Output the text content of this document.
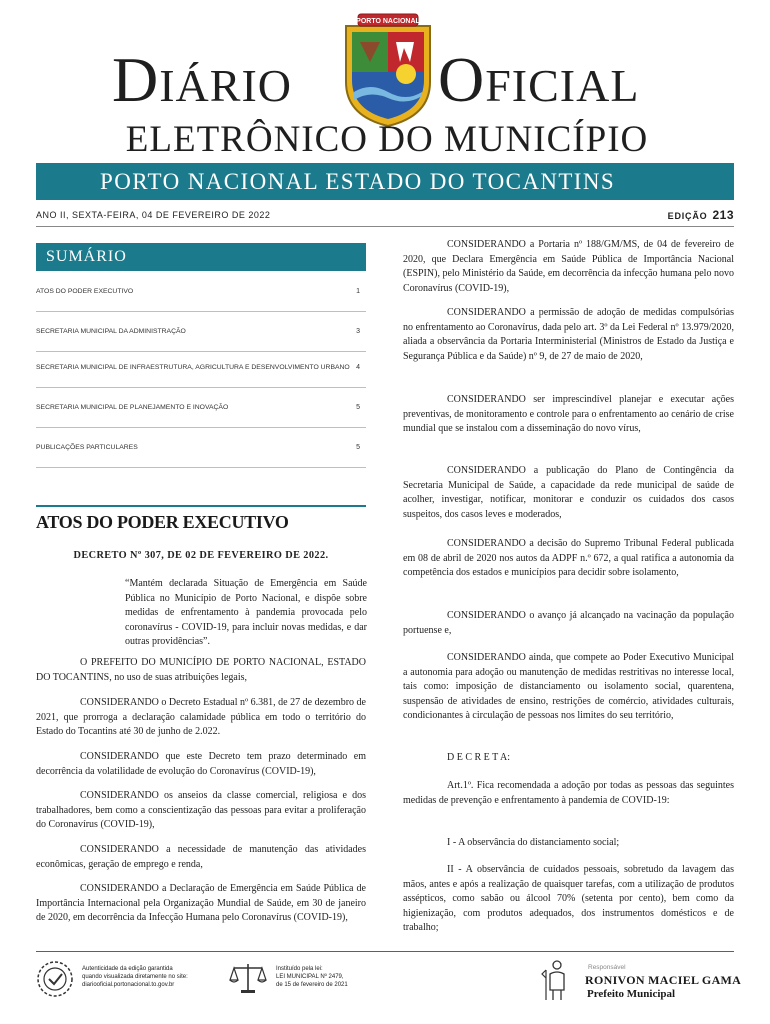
DIÁRIO
PORTO NACIONAL
OFICIAL
ELETRÔNICO DO MUNICÍPIO
PORTO NACIONAL ESTADO DO TOCANTINS
ANO II, SEXTA-FEIRA, 04 DE FEVEREIRO DE 2022	EDIÇÃO 213
SUMÁRIO
ATOS DO PODER EXECUTIVO	1
SECRETARIA MUNICIPAL DA ADMINISTRAÇÃO	3
SECRETARIA MUNICIPAL DE INFRAESTRUTURA, AGRICULTURA E DESENVOLVIMENTO URBANO 4
SECRETARIA MUNICIPAL DE PLANEJAMENTO E INOVAÇÃO	5
PUBLICAÇÕES PARTICULARES	5
ATOS DO PODER EXECUTIVO
DECRETO Nº 307, DE 02 DE FEVEREIRO DE 2022.
“Mantém declarada Situação de Emergência em Saúde Pública no Município de Porto Nacional, e dispõe sobre medidas de enfrentamento à pandemia provocada pelo coronavírus - COVID-19, para incluir novas medidas, e dar outras providências”.
O PREFEITO DO MUNICÍPIO DE PORTO NACIONAL, ESTADO DO TOCANTINS, no uso de suas atribuições legais,
CONSIDERANDO o Decreto Estadual nº 6.381, de 27 de dezembro de 2021, que prorroga a declaração calamidade pública em todo o território do Estado do Tocantins até 30 de junho de 2.022.
CONSIDERANDO que este Decreto tem prazo determinado em decorrência da volatilidade de evolução do Coronavírus (COVID-19),
CONSIDERANDO os anseios da classe comercial, religiosa e dos trabalhadores, bem como a conscientização das pessoas para evitar a proliferação do Coronavírus (COVID-19),
CONSIDERANDO a necessidade de manutenção das atividades econômicas, geração de emprego e renda,
CONSIDERANDO a Declaração de Emergência em Saúde Pública de Importância Internacional pela Organização Mundial de Saúde, em 30 de janeiro de 2020, em decorrência da Infecção Humana pelo Coronavírus (COVID-19),
CONSIDERANDO a Portaria nº 188/GM/MS, de 04 de fevereiro de 2020, que Declara Emergência em Saúde Pública de Importância Nacional (ESPIN), pelo Ministério da Saúde, em decorrência da infecção humana pelo novo Coronavírus (COVID-19),
CONSIDERANDO a permissão de adoção de medidas compulsórias no enfrentamento ao Coronavírus, dada pelo art. 3º da Lei Federal nº 13.979/2020, aliada a observância da Portaria Interministerial (Ministros de Estado da Justiça e Segurança Pública e da Saúde) nº 9, de 27 de maio de 2020,
CONSIDERANDO ser imprescindível planejar e executar ações preventivas, de monitoramento e controle para o enfrentamento ao cenário de crise mundial que se instalou com a disseminação do novo vírus,
CONSIDERANDO a publicação do Plano de Contingência da Secretaria Municipal de Saúde, a capacidade da rede municipal de saúde de acolher, investigar, notificar, monitorar e conduzir os cuidados dos casos suspeitos, dos casos leves e moderados,
CONSIDERANDO a decisão do Supremo Tribunal Federal publicada em 08 de abril de 2020 nos autos da ADPF n.º 672, a qual ratifica a autonomia da competência dos estados e municípios para decidir sobre isolamento,
CONSIDERANDO o avanço já alcançado na vacinação da população portuense e,
CONSIDERANDO ainda, que compete ao Poder Executivo Municipal a autonomia para adoção ou manutenção de medidas restritivas no interesse local, tais como: imposição de distanciamento ou isolamento social, quarentena, suspensão de atividades de ensino, restrições de comércio, atividades culturais, condicionantes à circulação de pessoas nos limites do seu território,
D E C R E T A:
Art.1º. Fica recomendada a adoção por todas as pessoas das seguintes medidas de prevenção e enfrentamento à pandemia de COVID-19:
I - A observância do distanciamento social;
II - A observância de cuidados pessoais, sobretudo da lavagem das mãos, antes e após a realização de quaisquer tarefas, com a utilização de produtos assépticos, como sabão ou álcool 70% (setenta por cento), bem como da higienização, com produtos adequados, dos instrumentos domésticos e de trabalho;
Autenticidade da edição garantida
quando visualizada diretamente no site:
diariooficial.portonacional.to.gov.br
Instituído pela lei:
LEI MUNICIPAL Nº 2479,
de 15 de fevereiro de 2021
Responsável
RONIVON MACIEL GAMA
Prefeito Municipal
